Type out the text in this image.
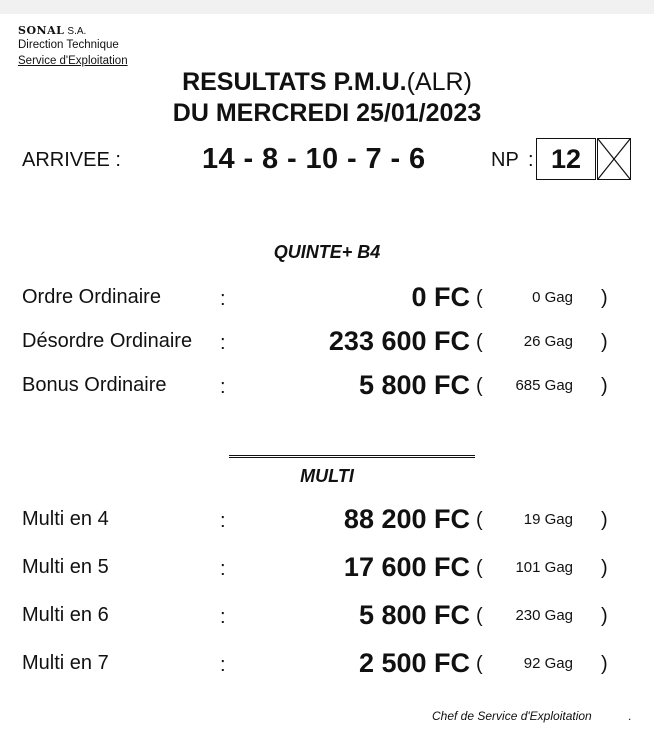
SONAL S.A.
Direction Technique
Service d'Exploitation
RESULTATS P.M.U.(ALR)
DU MERCREDI 25/01/2023
ARRIVEE :	14 - 8 - 10 - 7 - 6	NP : 12
QUINTE+ B4
Ordre Ordinaire	:	0 FC (	0 Gag )
Désordre Ordinaire :	233 600 FC (	26 Gag )
Bonus Ordinaire	:	5 800 FC ( 685 Gag )
MULTI
Multi en 4	:	88 200 FC (	19 Gag )
Multi en 5	:	17 600 FC ( 101 Gag )
Multi en 6	:	5 800 FC ( 230 Gag )
Multi en 7	:	2 500 FC (	92 Gag )
Chef de Service d'Exploitation	.
